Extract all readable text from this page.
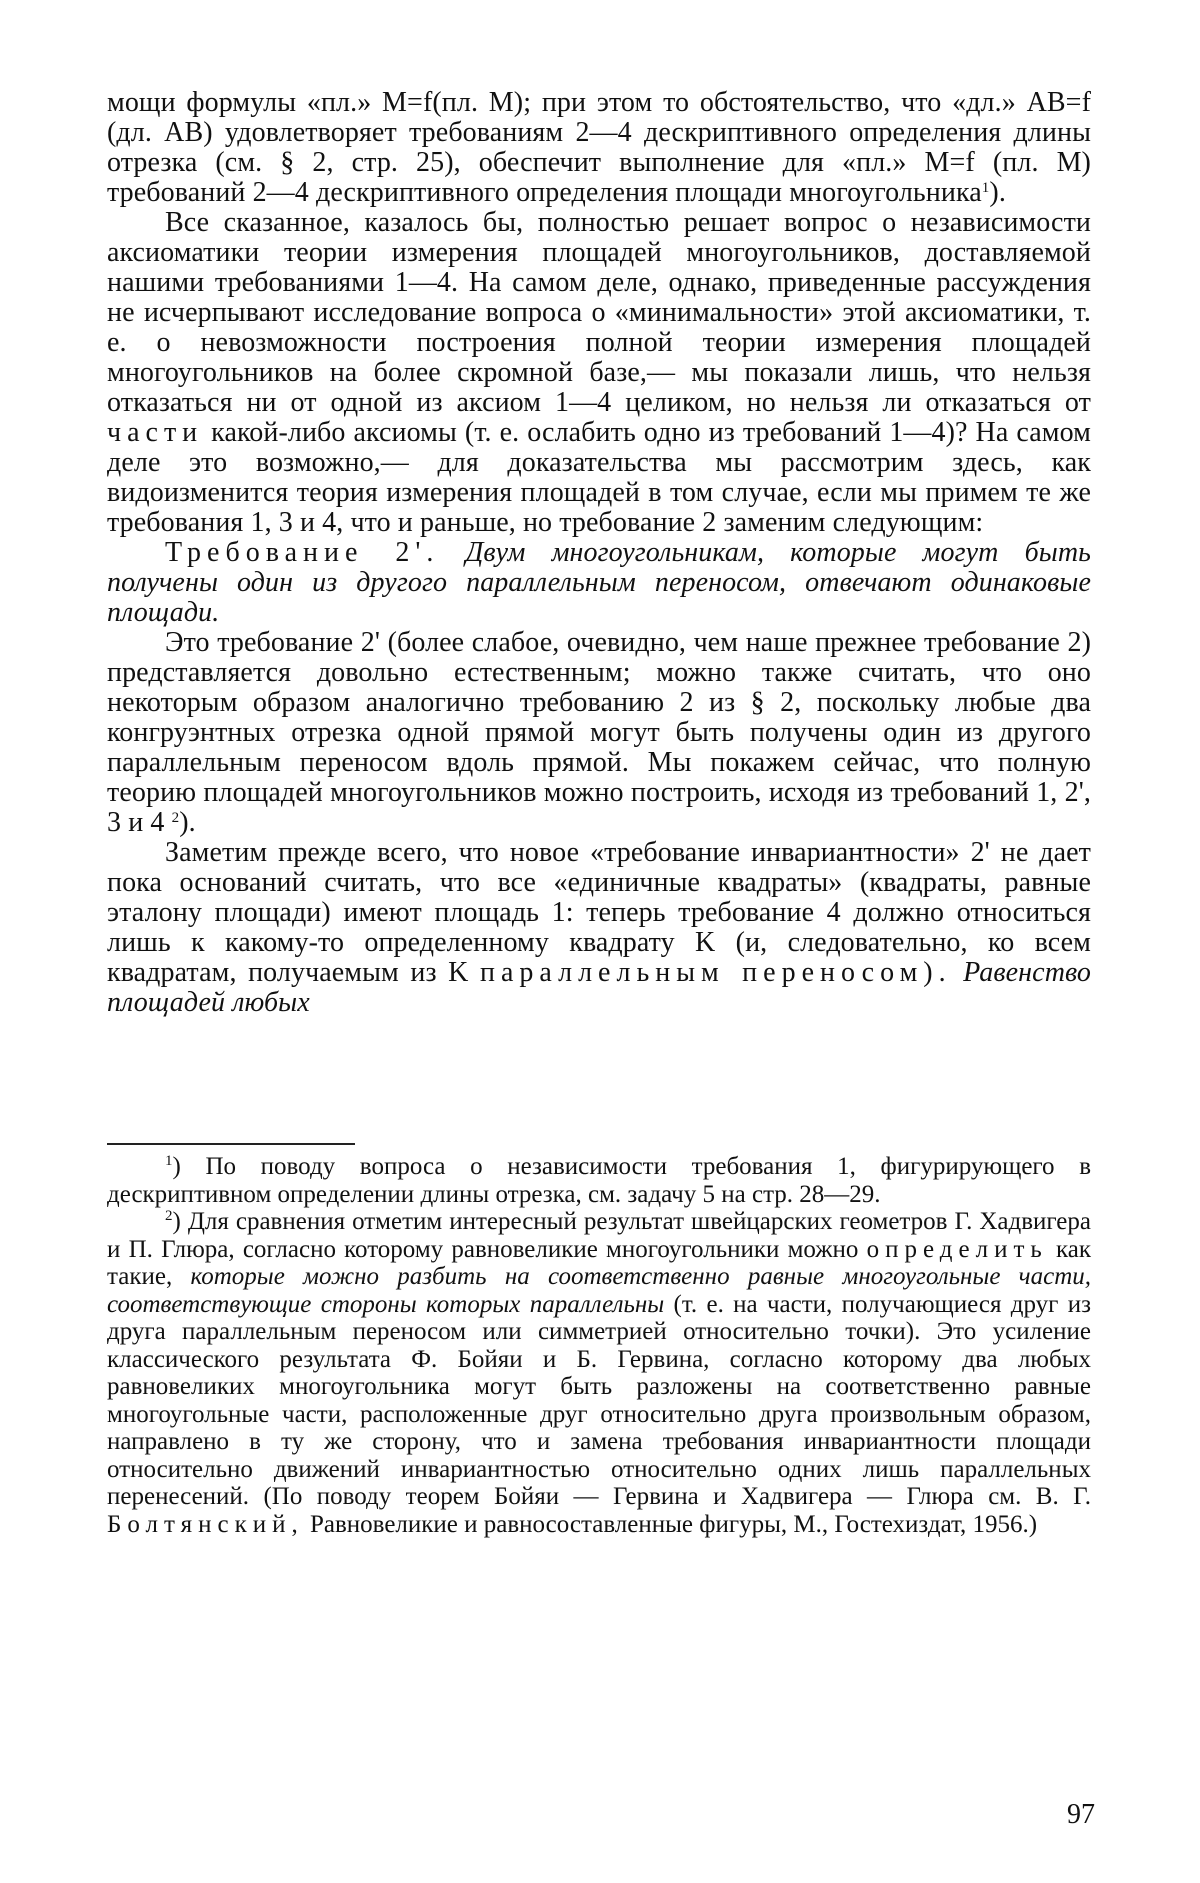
мощи формулы «пл.» M=f(пл. M); при этом то обстоятельство, что «дл.» AB=f (дл. AB) удовлетворяет требованиям 2—4 дескриптивного определения длины отрезка (см. § 2, стр. 25), обеспечит выполнение для «пл.» M=f (пл. M) требований 2—4 дескриптивного определения площади многоугольника$^1$).

Все сказанное, казалось бы, полностью решает вопрос о независимости аксиоматики теории измерения площадей многоугольников, доставляемой нашими требованиями 1—4. На самом деле, однако, приведенные рассуждения не исчерпывают исследование вопроса о «минимальности» этой аксиоматики, т. е. о невозможности построения полной теории измерения площадей многоугольников на более скромной базе,— мы показали лишь, что нельзя отказаться ни от одной из аксиом 1—4 целиком, но нельзя ли отказаться от части какой-либо аксиомы (т. е. ослабить одно из требований 1—4)? На самом деле это возможно,— для доказательства мы рассмотрим здесь, как видоизменится теория измерения площадей в том случае, если мы примем те же требования 1, 3 и 4, что и раньше, но требование 2 заменим следующим:

Требование 2'. Двум многоугольникам, которые могут быть получены один из другого параллельным переносом, отвечают одинаковые площади.

Это требование 2' (более слабое, очевидно, чем наше прежнее требование 2) представляется довольно естественным; можно также считать, что оно некоторым образом аналогично требованию 2 из § 2, поскольку любые два конгруэнтных отрезка одной прямой могут быть получены один из другого параллельным переносом вдоль прямой. Мы покажем сейчас, что полную теорию площадей многоугольников можно построить, исходя из требований 1, 2', 3 и 4 $^2$).

Заметим прежде всего, что новое «требование инвариантности» 2' не дает пока оснований считать, что все «единичные квадраты» (квадраты, равные эталону площади) имеют площадь 1: теперь требование 4 должно относиться лишь к какому-то определенному квадрату K (и, следовательно, ко всем квадратам, получаемым из K параллельным переносом). Равенство площадей любых

$^1$) По поводу вопроса о независимости требования 1, фигурирующего в дескриптивном определении длины отрезка, см. задачу 5 на стр. 28—29.

$^2$) Для сравнения отметим интересный результат швейцарских геометров Г. Хадвигера и П. Глюра, согласно которому равновеликие многоугольники можно определить как такие, которые можно разбить на соответственно равные многоугольные части, соответствующие стороны которых параллельны (т. е. на части, получающиеся друг из друга параллельным переносом или симметрией относительно точки). Это усиление классического результата Ф. Бойяи и Б. Гервина, согласно которому два любых равновеликих многоугольника могут быть разложены на соответственно равные многоугольные части, расположенные друг относительно друга произвольным образом, направлено в ту же сторону, что и замена требования инвариантности площади относительно движений инвариантностью относительно одних лишь параллельных перенесений. (По поводу теорем Бойяи — Гервина и Хадвигера — Глюра см. В. Г. Болтянский, Равновеликие и равносоставленные фигуры, М., Гостехиздат, 1956.)

97
